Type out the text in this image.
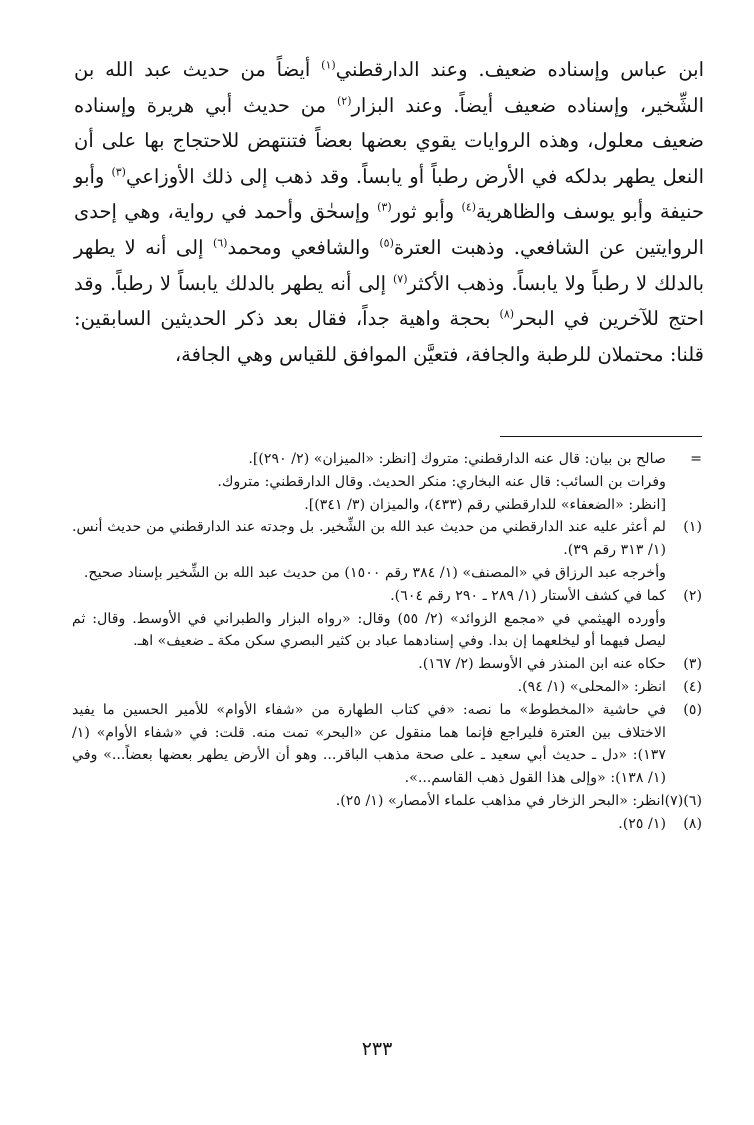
ابن عباس وإسناده ضعيف. وعند الدارقطني$^{(١)}$ أيضاً من حديث عبد الله بن الشِّخير، وإسناده ضعيف أيضاً. وعند البزار$^{(٢)}$ من حديث أبي هريرة وإسناده ضعيف معلول، وهذه الروايات يقوي بعضها بعضاً فتنتهض للاحتجاج بها على أن النعل يطهر بدلكه في الأرض رطباً أو يابساً. وقد ذهب إلى ذلك الأوزاعي$^{(٣)}$ وأبو حنيفة وأبو يوسف والظاهرية$^{(٤)}$ وأبو ثور$^{(٣)}$ وإسحٰق وأحمد في رواية، وهي إحدى الروايتين عن الشافعي. وذهبت العترة$^{(٥)}$ والشافعي ومحمد$^{(٦)}$ إلى أنه لا يطهر بالدلك لا رطباً ولا يابساً. وذهب الأكثر$^{(٧)}$ إلى أنه يطهر بالدلك يابساً لا رطباً. وقد احتج للآخرين في البحر$^{(٨)}$ بحجة واهية جداً، فقال بعد ذكر الحديثين السابقين: قلنا: محتملان للرطبة والجافة، فتعيَّن الموافق للقياس وهي الجافة،

=
صالح بن بيان: قال عنه الدارقطني: متروك [انظر: «الميزان» (٢/ ٢٩٠)].
وفرات بن السائب: قال عنه البخاري: منكر الحديث. وقال الدارقطني: متروك.
[انظر: «الضعفاء» للدارقطني رقم (٤٣٣)، والميزان (٣/ ٣٤١)].
(١)
لم أعثر عليه عند الدارقطني من حديث عبد الله بن الشِّخير. بل وجدته عند الدارقطني من حديث أنس. (١/ ٣١٣ رقم ٣٩).
وأخرجه عبد الرزاق في «المصنف» (١/ ٣٨٤ رقم ١٥٠٠) من حديث عبد الله بن الشِّخير بإسناد صحيح.
(٢)
كما في كشف الأستار (١/ ٢٨٩ ـ ٢٩٠ رقم ٦٠٤).
وأورده الهيثمي في «مجمع الزوائد» (٢/ ٥٥) وقال: «رواه البزار والطبراني في الأوسط. وقال: ثم ليصل فيهما أو ليخلعهما إن بدا. وفي إسنادهما عباد بن كثير البصري سكن مكة ـ ضعيف» اهـ.
(٣)
حكاه عنه ابن المنذر في الأوسط (٢/ ١٦٧).
(٤)
انظر: «المحلى» (١/ ٩٤).
(٥)
في حاشية «المخطوط» ما نصه: «في كتاب الطهارة من «شفاء الأوام» للأمير الحسين ما يفيد الاختلاف بين العترة فليراجع فإنما هما منقول عن «البحر» تمت منه. قلت: في «شفاء الأوام» (١/ ١٣٧): «دل ـ حديث أبي سعيد ـ على صحة مذهب الباقر... وهو أن الأرض يطهر بعضها بعضاً...» وفي (١/ ١٣٨): «وإلى هذا القول ذهب القاسم...».
(٦)(٧)
انظر: «البحر الزخار في مذاهب علماء الأمصار» (١/ ٢٥).
(٨)
(١/ ٢٥).
٢٣٣
